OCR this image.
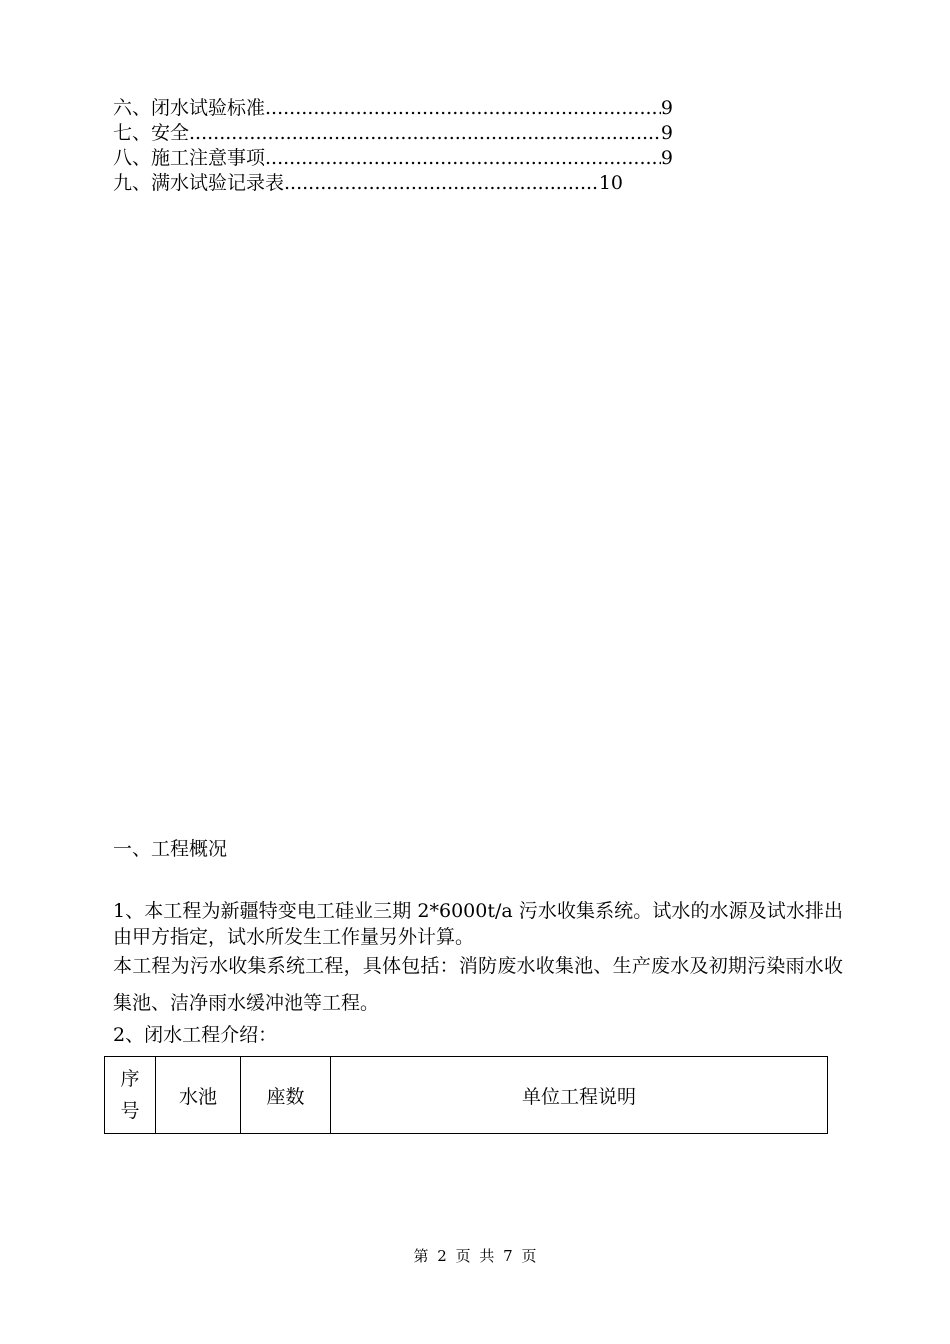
六、闭水试验标准 .....	9
七、安全 .....	9
八、施工注意事项 .....	9
九、满水试验记录表 .....	10
一、工程概况
1、本工程为新疆特变电工硅业三期 2*6000t/a 污水收集系统。试水的水源及试水排出由甲方指定，试水所发生工作量另外计算。
本工程为污水收集系统工程，具体包括：消防废水收集池、生产废水及初期污染雨水收集池、洁净雨水缓冲池等工程。
2、闭水工程介绍：
序
号	水池	座数	单位工程说明
第 2 页 共 7 页
